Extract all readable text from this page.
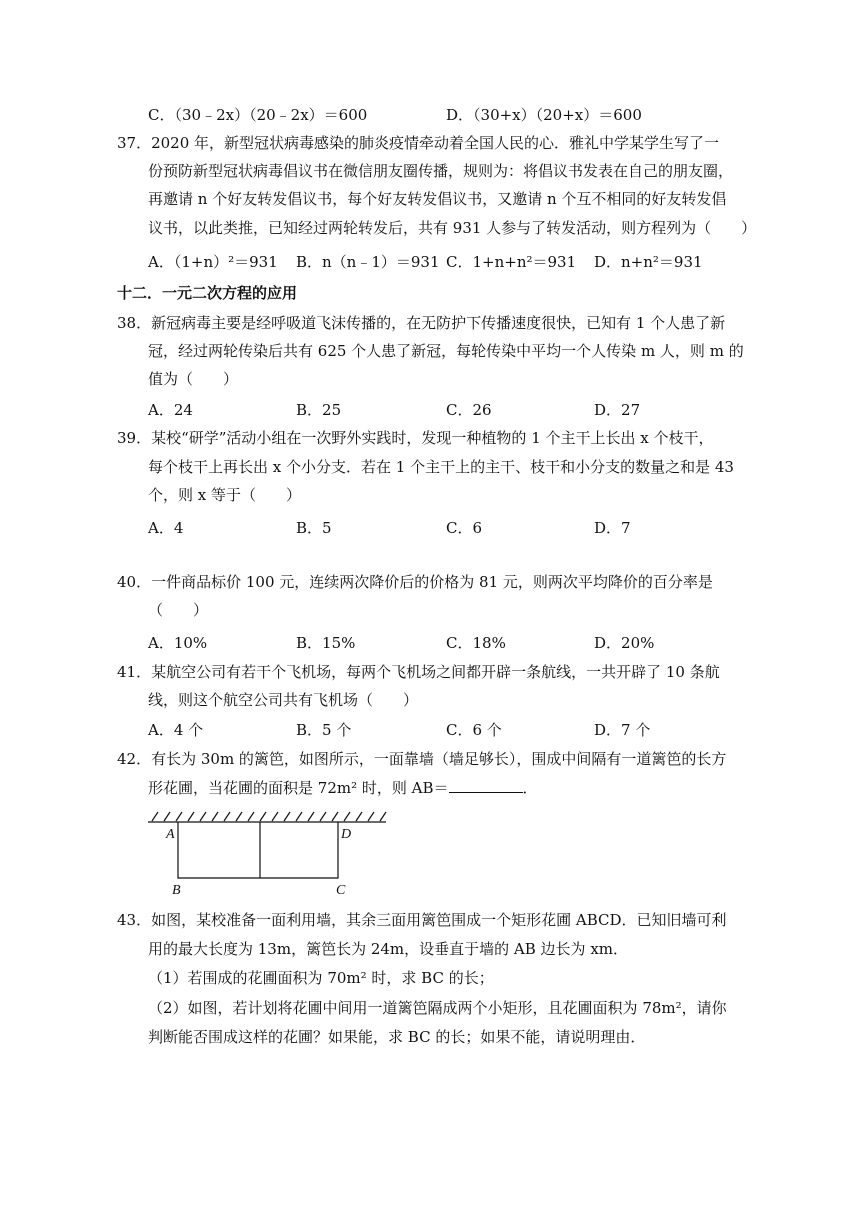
C．（30﹣2x）（20﹣2x）＝600	D．（30+x）（20+x）＝600
37．2020 年，新型冠状病毒感染的肺炎疫情牵动着全国人民的心．雅礼中学某学生写了一
份预防新型冠状病毒倡议书在微信朋友圈传播，规则为：将倡议书发表在自己的朋友圈，
再邀请 n 个好友转发倡议书，每个好友转发倡议书，又邀请 n 个互不相同的好友转发倡
议书，以此类推，已知经过两轮转发后，共有 931 人参与了转发活动，则方程列为（　　）
A．（1+n）²＝931 B．n（n﹣1）＝931 C．1+n+n²＝931 D．n+n²＝931
十二．一元二次方程的应用
38．新冠病毒主要是经呼吸道飞沫传播的，在无防护下传播速度很快，已知有 1 个人患了新
冠，经过两轮传染后共有 625 个人患了新冠，每轮传染中平均一个人传染 m 人，则 m 的
值为（　　）
A．24	B．25	C．26	D．27
39．某校“研学”活动小组在一次野外实践时，发现一种植物的 1 个主干上长出 x 个枝干，
每个枝干上再长出 x 个小分支．若在 1 个主干上的主干、枝干和小分支的数量之和是 43
个，则 x 等于（　　）
A．4	B．5	C．6	D．7
40．一件商品标价 100 元，连续两次降价后的价格为 81 元，则两次平均降价的百分率是
（　　）
A．10%	B．15%	C．18%	D．20%
41．某航空公司有若干个飞机场，每两个飞机场之间都开辟一条航线，一共开辟了 10 条航
线，则这个航空公司共有飞机场（　　）
A．4 个	B．5 个	C．6 个	D．7 个
42．有长为 30m 的篱笆，如图所示，一面靠墙（墙足够长），围成中间隔有一道篱笆的长方
形花圃，当花圃的面积是 72m² 时，则 AB＝	．
A	D
B	C
43．如图，某校准备一面利用墙，其余三面用篱笆围成一个矩形花圃 ABCD．已知旧墙可利
用的最大长度为 13m，篱笆长为 24m，设垂直于墙的 AB 边长为 xm．
（1）若围成的花圃面积为 70m² 时，求 BC 的长；
（2）如图，若计划将花圃中间用一道篱笆隔成两个小矩形，且花圃面积为 78m²，请你
判断能否围成这样的花圃？如果能，求 BC 的长；如果不能，请说明理由．
